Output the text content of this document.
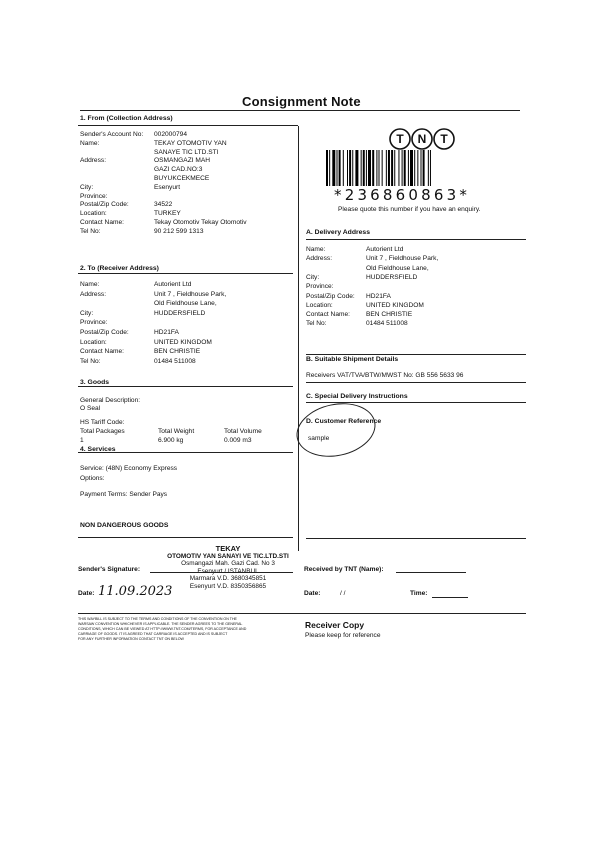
Consignment Note
1. From (Collection Address)
Sender's Account No: 002000794
Name:	TEKAY OTOMOTIV YAN
SANAYE TIC LTD.STI
Address:	OSMANGAZI MAH
GAZI CAD.NO:3
BUYUKCEKMECE
City:	Esenyurt
Province:
Postal/Zip Code:	34522
Location:	TURKEY
Contact Name:	Tekay Otomotiv Tekay Otomotiv
Tel No:	90 212 599 1313
2. To (Receiver Address)
Name:	Autorient Ltd
Address:	Unit 7 , Fieldhouse Park,
Old Fieldhouse Lane,
City:	HUDDERSFIELD
Province:
Postal/Zip Code:	HD21FA
Location:	UNITED KINGDOM
Contact Name:	BEN CHRISTIE
Tel No:	01484 511008
3. Goods
General Description:
O Seal
HS Tariff Code:
Total Packages	Total Weight	Total Volume
1	6.900 kg	0.009 m3
4. Services
Service: (48N) Economy Express
Options:
Payment Terms: Sender Pays
NON DANGEROUS GOODS
TEKAY
OTOMOTIV YAN SANAYI VE TIC.LTD.STI
Osmangazi Mah. Gazi Cad. No 3
Esenyurt / ISTANBUL
Marmara V.D. 3680345851
Esenyurt V.D. 8350356865
Sender's Signature:
Date: 11.09.2023
THIS WAYBILL IS SUBJECT TO THE TERMS AND CONDITIONS OF THE CONVENTION ON THE
WARSAW CONVENTION WHICHEVER IS APPLICABLE. THE SENDER AGREES TO THE GENERAL
CONDITIONS, WHICH CAN BE VIEWED AT HTTP://WWW.TNT.COM/TERMS, FOR ACCEPTANCE AND
CARRIAGE OF GOODS. IT IS AGREED THAT CARRIAGE IS ACCEPTED AND IS SUBJECT
FOR ANY FURTHER INFORMATION CONTACT TNT ON BELOW
T N T
*236860863*
Please quote this number if you have an enquiry.
A. Delivery Address
Name:	Autorient Ltd
Address:	Unit 7 , Fieldhouse Park,
Old Fieldhouse Lane,
City:	HUDDERSFIELD
Province:
Postal/Zip Code: HD21FA
Location:	UNITED KINGDOM
Contact Name: BEN CHRISTIE
Tel No:	01484 511008
B. Suitable Shipment Details
Receivers VAT/TVA/BTW/MWST No: GB 556 5633 96
C. Special Delivery Instructions
D. Customer Reference
sample
Received by TNT (Name):
Date:	/ /	Time:
Receiver Copy
Please keep for reference
